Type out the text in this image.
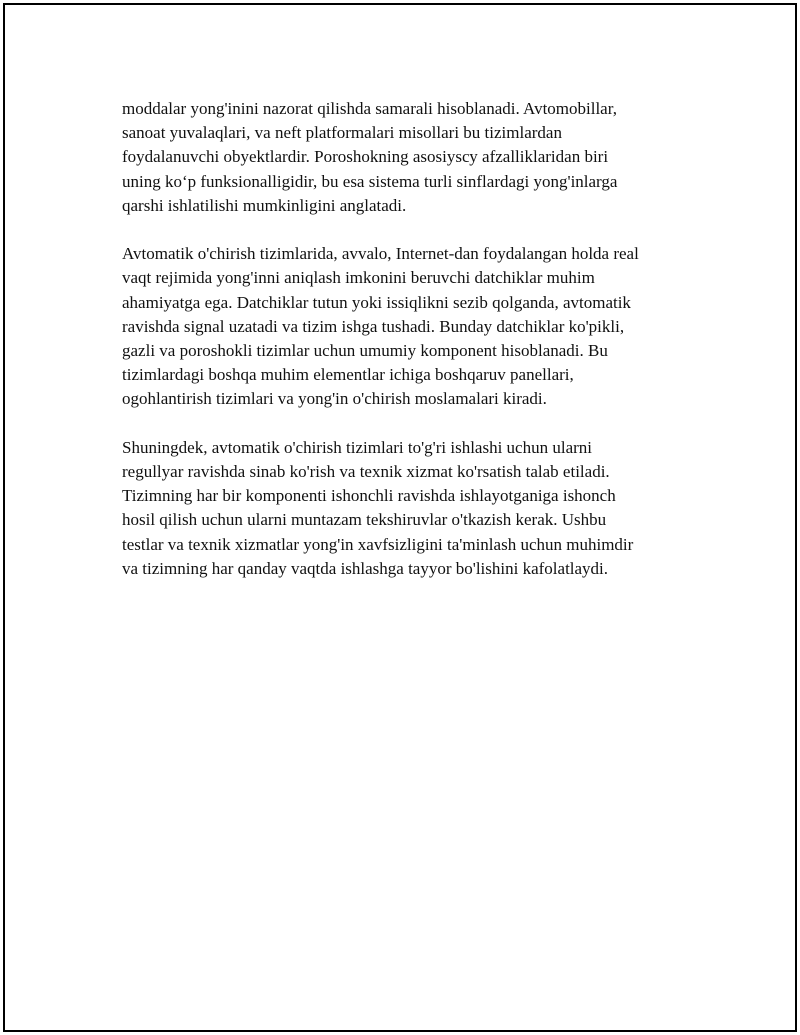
moddalar yong'inini nazorat qilishda samarali hisoblanadi. Avtomobillar,
sanoat yuvalaqlari, va neft platformalari misollari bu tizimlardan
foydalanuvchi obyektlardir. Poroshokning asosiysсу afzalliklaridan biri
uning koʻp funksionalligidir, bu esa sistema turli sinflardagi yong'inlarga
qarshi ishlatilishi mumkinligini anglatadi.

Avtomatik o'chirish tizimlarida, avvalo, Internet-dan foydalangan holda real
vaqt rejimida yong'inni aniqlash imkonini beruvchi datchiklar muhim
ahamiyatga ega. Datchiklar tutun yoki issiqlikni sezib qolganda, avtomatik
ravishda signal uzatadi va tizim ishga tushadi. Bunday datchiklar ko'pikli,
gazli va poroshokli tizimlar uchun umumiy komponent hisoblanadi. Bu
tizimlardagi boshqa muhim elementlar ichiga boshqaruv panellari,
ogohlantirish tizimlari va yong'in o'chirish moslamalari kiradi.

Shuningdek, avtomatik o'chirish tizimlari to'g'ri ishlashi uchun ularni
regullyar ravishda sinab ko'rish va texnik xizmat ko'rsatish talab etiladi.
Tizimning har bir komponenti ishonchli ravishda ishlayotganiga ishonch
hosil qilish uchun ularni muntazam tekshiruvlar o'tkazish kerak. Ushbu
testlar va texnik xizmatlar yong'in xavfsizligini ta'minlash uchun muhimdir
va tizimning har qanday vaqtda ishlashga tayyor bo'lishini kafolatlaydi.
